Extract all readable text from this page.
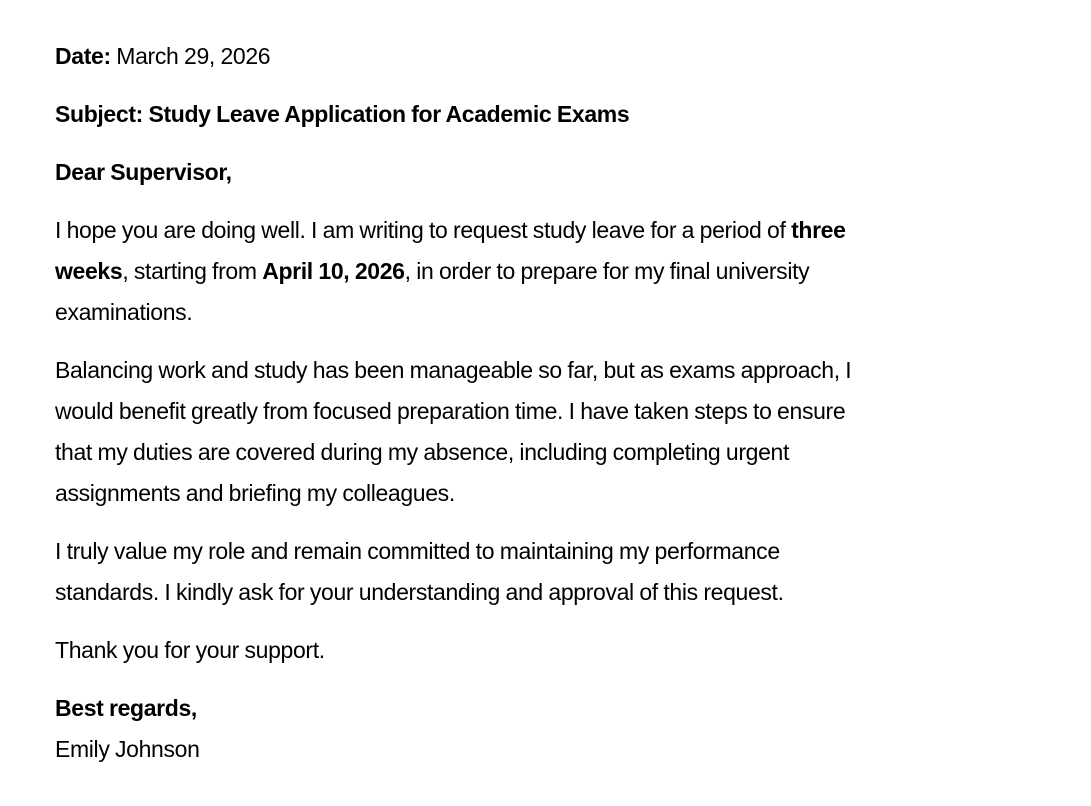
Date: March 29, 2026

Subject: Study Leave Application for Academic Exams

Dear Supervisor,

I hope you are doing well. I am writing to request study leave for a period of three
weeks, starting from April 10, 2026, in order to prepare for my final university
examinations.

Balancing work and study has been manageable so far, but as exams approach, I
would benefit greatly from focused preparation time. I have taken steps to ensure
that my duties are covered during my absence, including completing urgent
assignments and briefing my colleagues.

I truly value my role and remain committed to maintaining my performance
standards. I kindly ask for your understanding and approval of this request.

Thank you for your support.

Best regards,

Emily Johnson
